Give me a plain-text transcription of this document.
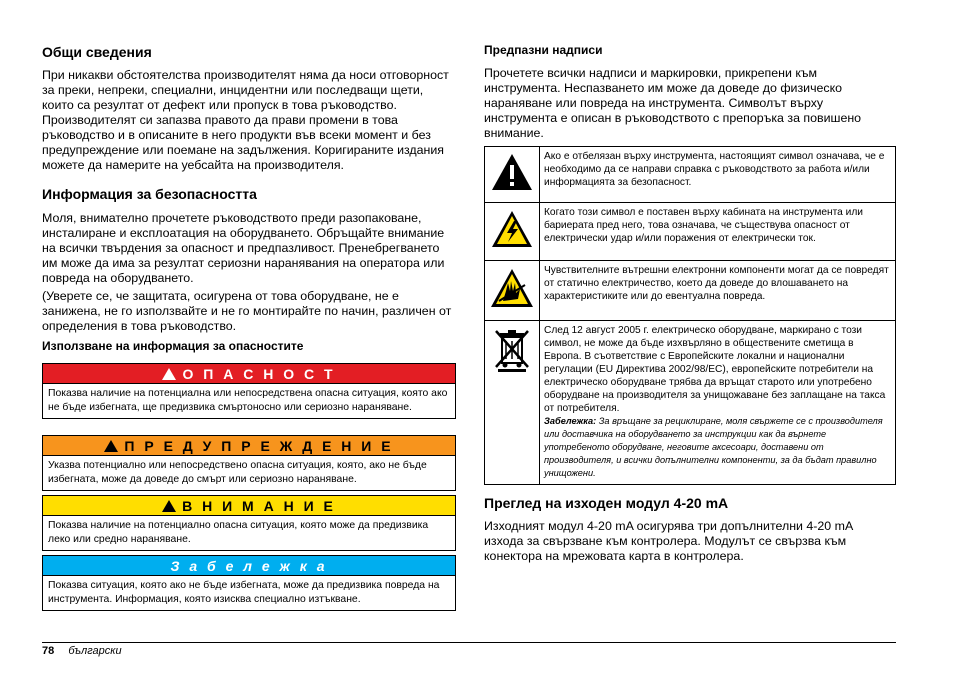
Общи сведения

При никакви обстоятелства производителят няма да носи отговорност за преки, непреки, специални, инцидентни или последващи щети, които са резултат от дефект или пропуск в това ръководство. Производителят си запазва правото да прави промени в това ръководство и в описаните в него продукти във всеки момент и без предупреждение или поемане на задължения. Коригираните издания можете да намерите на уебсайта на производителя.

Информация за безопасността

Моля, внимателно прочетете ръководството преди разопаковане, инсталиране и експлоатация на оборудването. Обръщайте внимание на всички твърдения за опасност и предпазливост. Пренебрегването им може да има за резултат сериозни наранявания на оператора или повреда на оборудването.

(Уверете се, че защитата, осигурена от това оборудване, не е занижена, не го използвайте и не го монтирайте по начин, различен от определения в това ръководство.

Използване на информация за опасностите
!
О П А С Н О С Т
Показва наличие на потенциална или непосредствена опасна ситуация, която ако не бъде избегната, ще предизвика смъртоносно или сериозно нараняване.
!
П Р Е Д У П Р Е Ж Д Е Н И Е
Указва потенциално или непосредствено опасна ситуация, която, ако не бъде избегната, може да доведе до смърт или сериозно нараняване.
!
В Н И М А Н И Е
Показва наличие на потенциално опасна ситуация, която може да предизвика леко или средно нараняване.
З а б е л е ж к а
Показва ситуация, която ако не бъде избегната, може да предизвика повреда на инструмента. Информация, която изисква специално изтъкване.
Предпазни надписи

Прочетете всички надписи и маркировки, прикрепени към инструмента. Неспазването им може да доведе до физическо нараняване или повреда на инструмента. Символът върху инструмента е описан в ръководството с препоръка за повишено внимание.

	Ако е отбелязан върху инструмента, настоящият символ означава, че е необходимо да се направи справка с ръководството за работа и/или информацията за безопасност.
	Когато този символ е поставен върху кабината на инструмента или бариерата пред него, това означава, че съществува опасност от електрически удар и/или поражения от електрически ток.
	Чувствителните вътрешни електронни компоненти могат да се повредят от статично електричество, което да доведе до влошаването на характеристиките или до евентуална повреда.
	След 12 август 2005 г. електрическо оборудване, маркирано с този символ, не може да бъде изхвърляно в обществените сметища в Европа. В съответствие с Европейските локални и национални регулации (EU Директива 2002/98/EC), европейските потребители на електрическо оборудване трябва да връщат старото или употребено оборудване на производителя за унищожаване без заплащане на такса от потребителя.
Забележка: За връщане за рециклиране, моля свържете се с производителя или доставчика на оборудването за инструкции как да върнете употребеното оборудване, неговите аксесоари, доставени от производителя, и всички допълнителни компоненти, за да бъдат правилно унищожени.
Преглед на изходен модул 4-20 mA

Изходният модул 4-20 mA осигурява три допълнителни 4-20 mA изхода за свързване към контролера. Модулът се свързва към конекторa на мрежовата карта в контролера.

78 български
